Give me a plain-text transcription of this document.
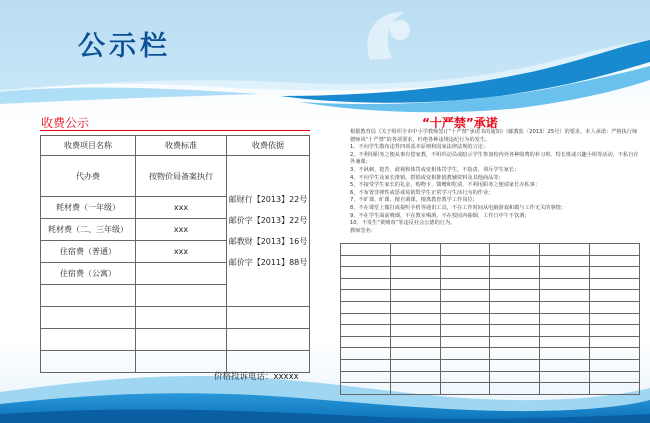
公示栏
收费公示
收费项目名称	收费标准	收费依据
代办费	按物价局备案执行	邮财行【2013】22号
邮价字【2013】22号
邮教财【2013】16号
邮价字【2011】88号

耗材费（一年级）	xxx	
耗材费（二、三年级）	xxx	
住宿费（普通）	xxx	
住宿费（公寓）		

价格投诉电话：xxxxx
“十严禁”承诺

根据教育局《关于组织全市中小学教师签订“十严禁”承诺书的通知》（邮教监〔2013〕25号）的要求，本人承诺：严格执行师德师风“十严禁”的各项要求，杜绝各种违规违纪行为的发生。

1、不向学生散布违背四项基本原则和国家法律法规的言论；

2、不利用职务之便从事有偿家教，不组织动员或暗示学生参加校内外各种收费的补习班、特长班或兴趣小组等活动，不私自在外兼课；

3、不讽刺、挖苦、歧视和体罚或变相体罚学生，不指责、训斥学生家长；

4、不向学生及家长推销、搭销或变相推销教辅资料及其他商品等；

5、不接受学生家长的礼金、购物卡、馈赠和吃请，不利用职务之便请家长办私事；

6、不布置非弹性或惩戒易销毁学生正常学习生活行为的作业；

7、不旷课、旷课、擅自调课，擅离教育教学工作岗位；

8、不在课堂上做打或提听手机等通讯工具，不在工作时间从电脑游戏和做与工作无关的事情；

9、不在学生面前吸烟，不在教室喝酒，不在校园内抽烟，工作日中午不饮酒；

10、不发生“黄赌毒”等违反社会公德的行为。

教师签名：
